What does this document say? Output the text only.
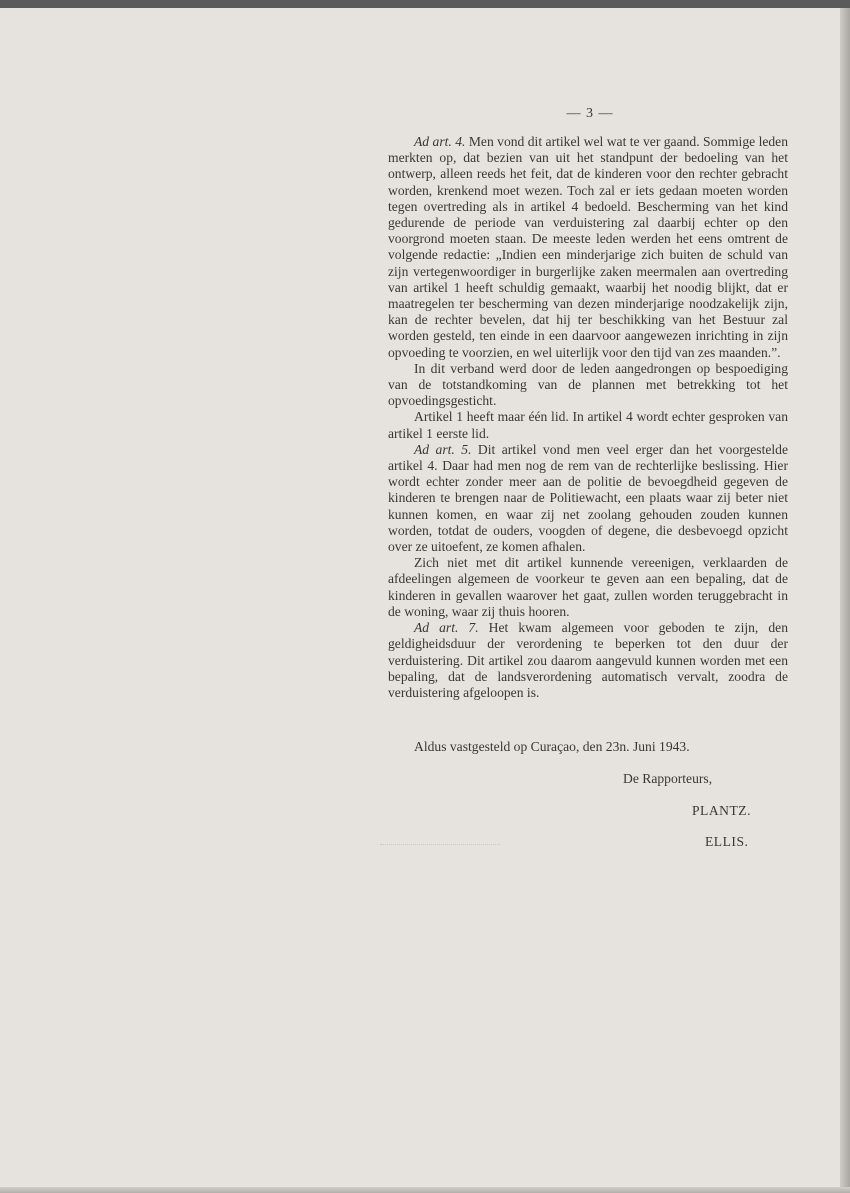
— 3 —

Ad art. 4. Men vond dit artikel wel wat te ver gaand. Sommige leden merkten op, dat bezien van uit het standpunt der bedoeling van het ontwerp, alleen reeds het feit, dat de kinderen voor den rechter gebracht worden, krenkend moet wezen. Toch zal er iets gedaan moeten worden tegen overtreding als in artikel 4 bedoeld. Bescherming van het kind gedurende de periode van verduistering zal daarbij echter op den voorgrond moeten staan. De meeste leden werden het eens omtrent de volgende redactie: „Indien een minderjarige zich buiten de schuld van zijn vertegenwoordiger in burgerlijke zaken meermalen aan overtreding van artikel 1 heeft schuldig gemaakt, waarbij het noodig blijkt, dat er maatregelen ter bescherming van dezen minderjarige noodzakelijk zijn, kan de rechter bevelen, dat hij ter beschikking van het Bestuur zal worden gesteld, ten einde in een daarvoor aangewezen inrichting in zijn opvoeding te voorzien, en wel uiterlijk voor den tijd van zes maanden.”.

In dit verband werd door de leden aangedrongen op bespoediging van de totstandkoming van de plannen met betrekking tot het opvoedingsgesticht.

Artikel 1 heeft maar één lid. In artikel 4 wordt echter gesproken van artikel 1 eerste lid.

Ad art. 5. Dit artikel vond men veel erger dan het voorgestelde artikel 4. Daar had men nog de rem van de rechterlijke beslissing. Hier wordt echter zonder meer aan de politie de bevoegdheid gegeven de kinderen te brengen naar de Politiewacht, een plaats waar zij beter niet kunnen komen, en waar zij net zoolang gehouden zouden kunnen worden, totdat de ouders, voogden of degene, die desbevoegd opzicht over ze uitoefent, ze komen afhalen.

Zich niet met dit artikel kunnende vereenigen, verklaarden de afdeelingen algemeen de voorkeur te geven aan een bepaling, dat de kinderen in gevallen waarover het gaat, zullen worden teruggebracht in de woning, waar zij thuis hooren.

Ad art. 7. Het kwam algemeen voor geboden te zijn, den geldigheidsduur der verordening te beperken tot den duur der verduistering. Dit artikel zou daarom aangevuld kunnen worden met een bepaling, dat de landsverordening automatisch vervalt, zoodra de verduistering afgeloopen is.

Aldus vastgesteld op Curaçao, den 23n. Juni 1943.
De Rapporteurs,
PLANTZ.
ELLIS.
